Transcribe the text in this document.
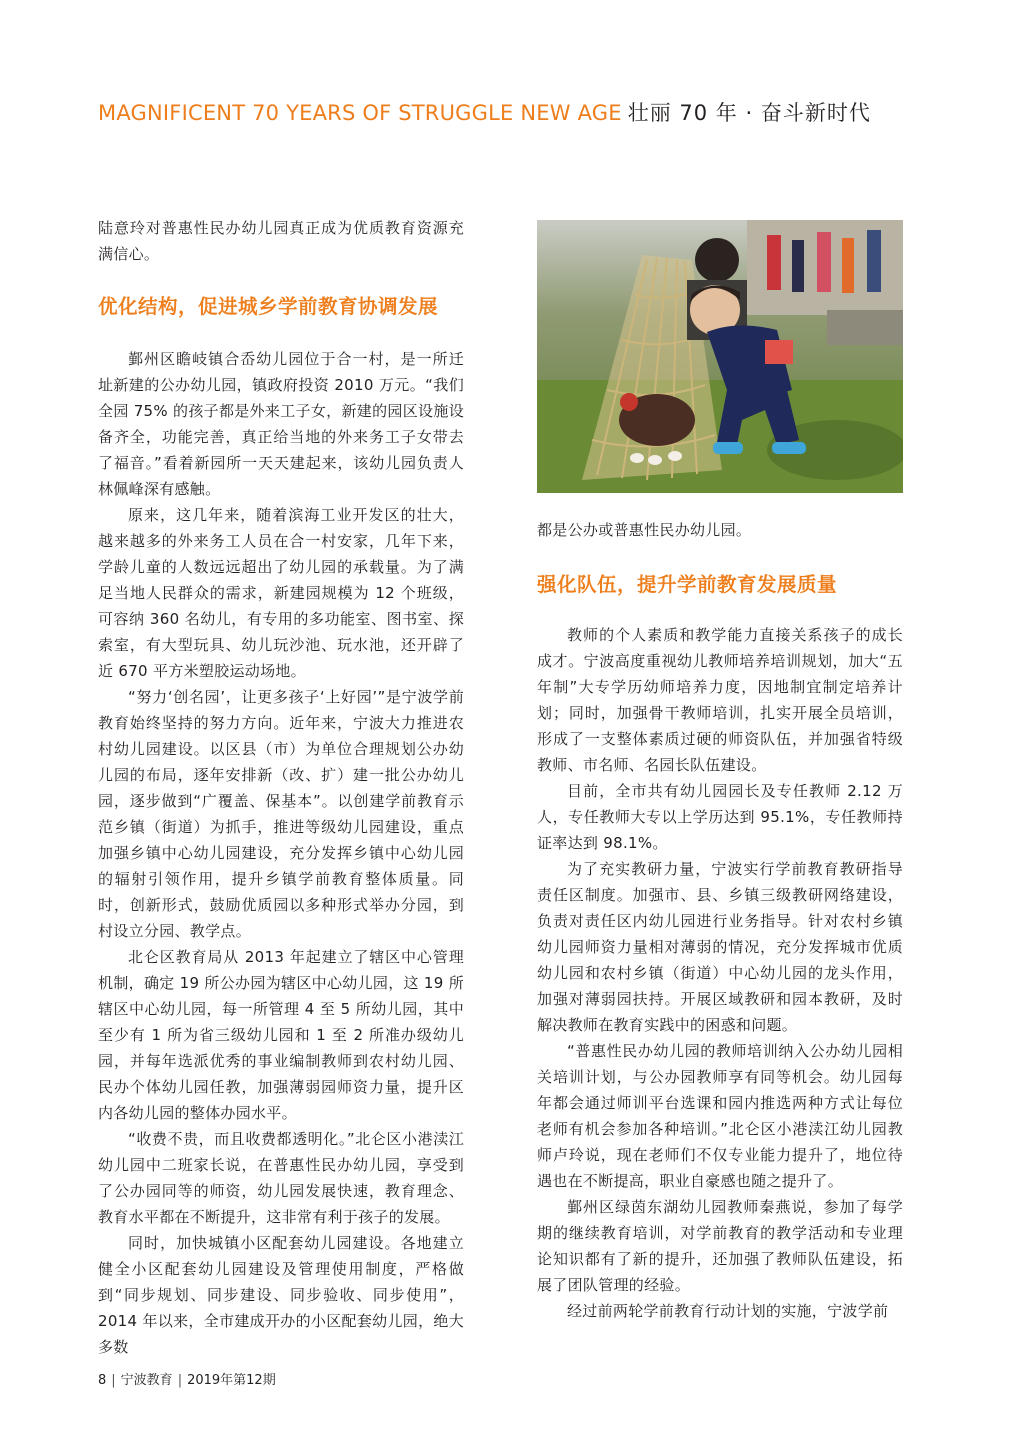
MAGNIFICENT 70 YEARS OF STRUGGLE NEW AGE 壮丽 70 年 · 奋斗新时代

陆意玲对普惠性民办幼儿园真正成为优质教育资源充满信心。

优化结构，促进城乡学前教育协调发展

鄞州区瞻岐镇合岙幼儿园位于合一村，是一所迁址新建的公办幼儿园，镇政府投资 2010 万元。“我们全园 75% 的孩子都是外来工子女，新建的园区设施设备齐全，功能完善，真正给当地的外来务工子女带去了福音。”看着新园所一天天建起来，该幼儿园负责人林佩峰深有感触。

原来，这几年来，随着滨海工业开发区的壮大，越来越多的外来务工人员在合一村安家，几年下来，学龄儿童的人数远远超出了幼儿园的承载量。为了满足当地人民群众的需求，新建园规模为 12 个班级，可容纳 360 名幼儿，有专用的多功能室、图书室、探索室，有大型玩具、幼儿玩沙池、玩水池，还开辟了近 670 平方米塑胶运动场地。

“努力‘创名园’，让更多孩子‘上好园’”是宁波学前教育始终坚持的努力方向。近年来，宁波大力推进农村幼儿园建设。以区县（市）为单位合理规划公办幼儿园的布局，逐年安排新（改、扩）建一批公办幼儿园，逐步做到“广覆盖、保基本”。以创建学前教育示范乡镇（街道）为抓手，推进等级幼儿园建设，重点加强乡镇中心幼儿园建设，充分发挥乡镇中心幼儿园的辐射引领作用，提升乡镇学前教育整体质量。同时，创新形式，鼓励优质园以多种形式举办分园，到村设立分园、教学点。

北仑区教育局从 2013 年起建立了辖区中心管理机制，确定 19 所公办园为辖区中心幼儿园，这 19 所辖区中心幼儿园，每一所管理 4 至 5 所幼儿园，其中至少有 1 所为省三级幼儿园和 1 至 2 所准办级幼儿园，并每年选派优秀的事业编制教师到农村幼儿园、民办个体幼儿园任教，加强薄弱园师资力量，提升区内各幼儿园的整体办园水平。

“收费不贵，而且收费都透明化。”北仑区小港渎江幼儿园中二班家长说，在普惠性民办幼儿园，享受到了公办园同等的师资，幼儿园发展快速，教育理念、教育水平都在不断提升，这非常有利于孩子的发展。

同时，加快城镇小区配套幼儿园建设。各地建立健全小区配套幼儿园建设及管理使用制度，严格做到“同步规划、同步建设、同步验收、同步使用”，2014 年以来，全市建成开办的小区配套幼儿园，绝大多数

都是公办或普惠性民办幼儿园。

强化队伍，提升学前教育发展质量

教师的个人素质和教学能力直接关系孩子的成长成才。宁波高度重视幼儿教师培养培训规划，加大“五年制”大专学历幼师培养力度，因地制宜制定培养计划；同时，加强骨干教师培训，扎实开展全员培训，形成了一支整体素质过硬的师资队伍，并加强省特级教师、市名师、名园长队伍建设。

目前，全市共有幼儿园园长及专任教师 2.12 万人，专任教师大专以上学历达到 95.1%，专任教师持证率达到 98.1%。

为了充实教研力量，宁波实行学前教育教研指导责任区制度。加强市、县、乡镇三级教研网络建设，负责对责任区内幼儿园进行业务指导。针对农村乡镇幼儿园师资力量相对薄弱的情况，充分发挥城市优质幼儿园和农村乡镇（街道）中心幼儿园的龙头作用，加强对薄弱园扶持。开展区域教研和园本教研，及时解决教师在教育实践中的困惑和问题。

“普惠性民办幼儿园的教师培训纳入公办幼儿园相关培训计划，与公办园教师享有同等机会。幼儿园每年都会通过师训平台选课和园内推选两种方式让每位老师有机会参加各种培训。”北仑区小港渎江幼儿园教师卢玲说，现在老师们不仅专业能力提升了，地位待遇也在不断提高，职业自豪感也随之提升了。

鄞州区绿茵东湖幼儿园教师秦燕说，参加了每学期的继续教育培训，对学前教育的教学活动和专业理论知识都有了新的提升，还加强了教师队伍建设，拓展了团队管理的经验。

经过前两轮学前教育行动计划的实施，宁波学前

8 | 宁波教育 | 2019年第12期
